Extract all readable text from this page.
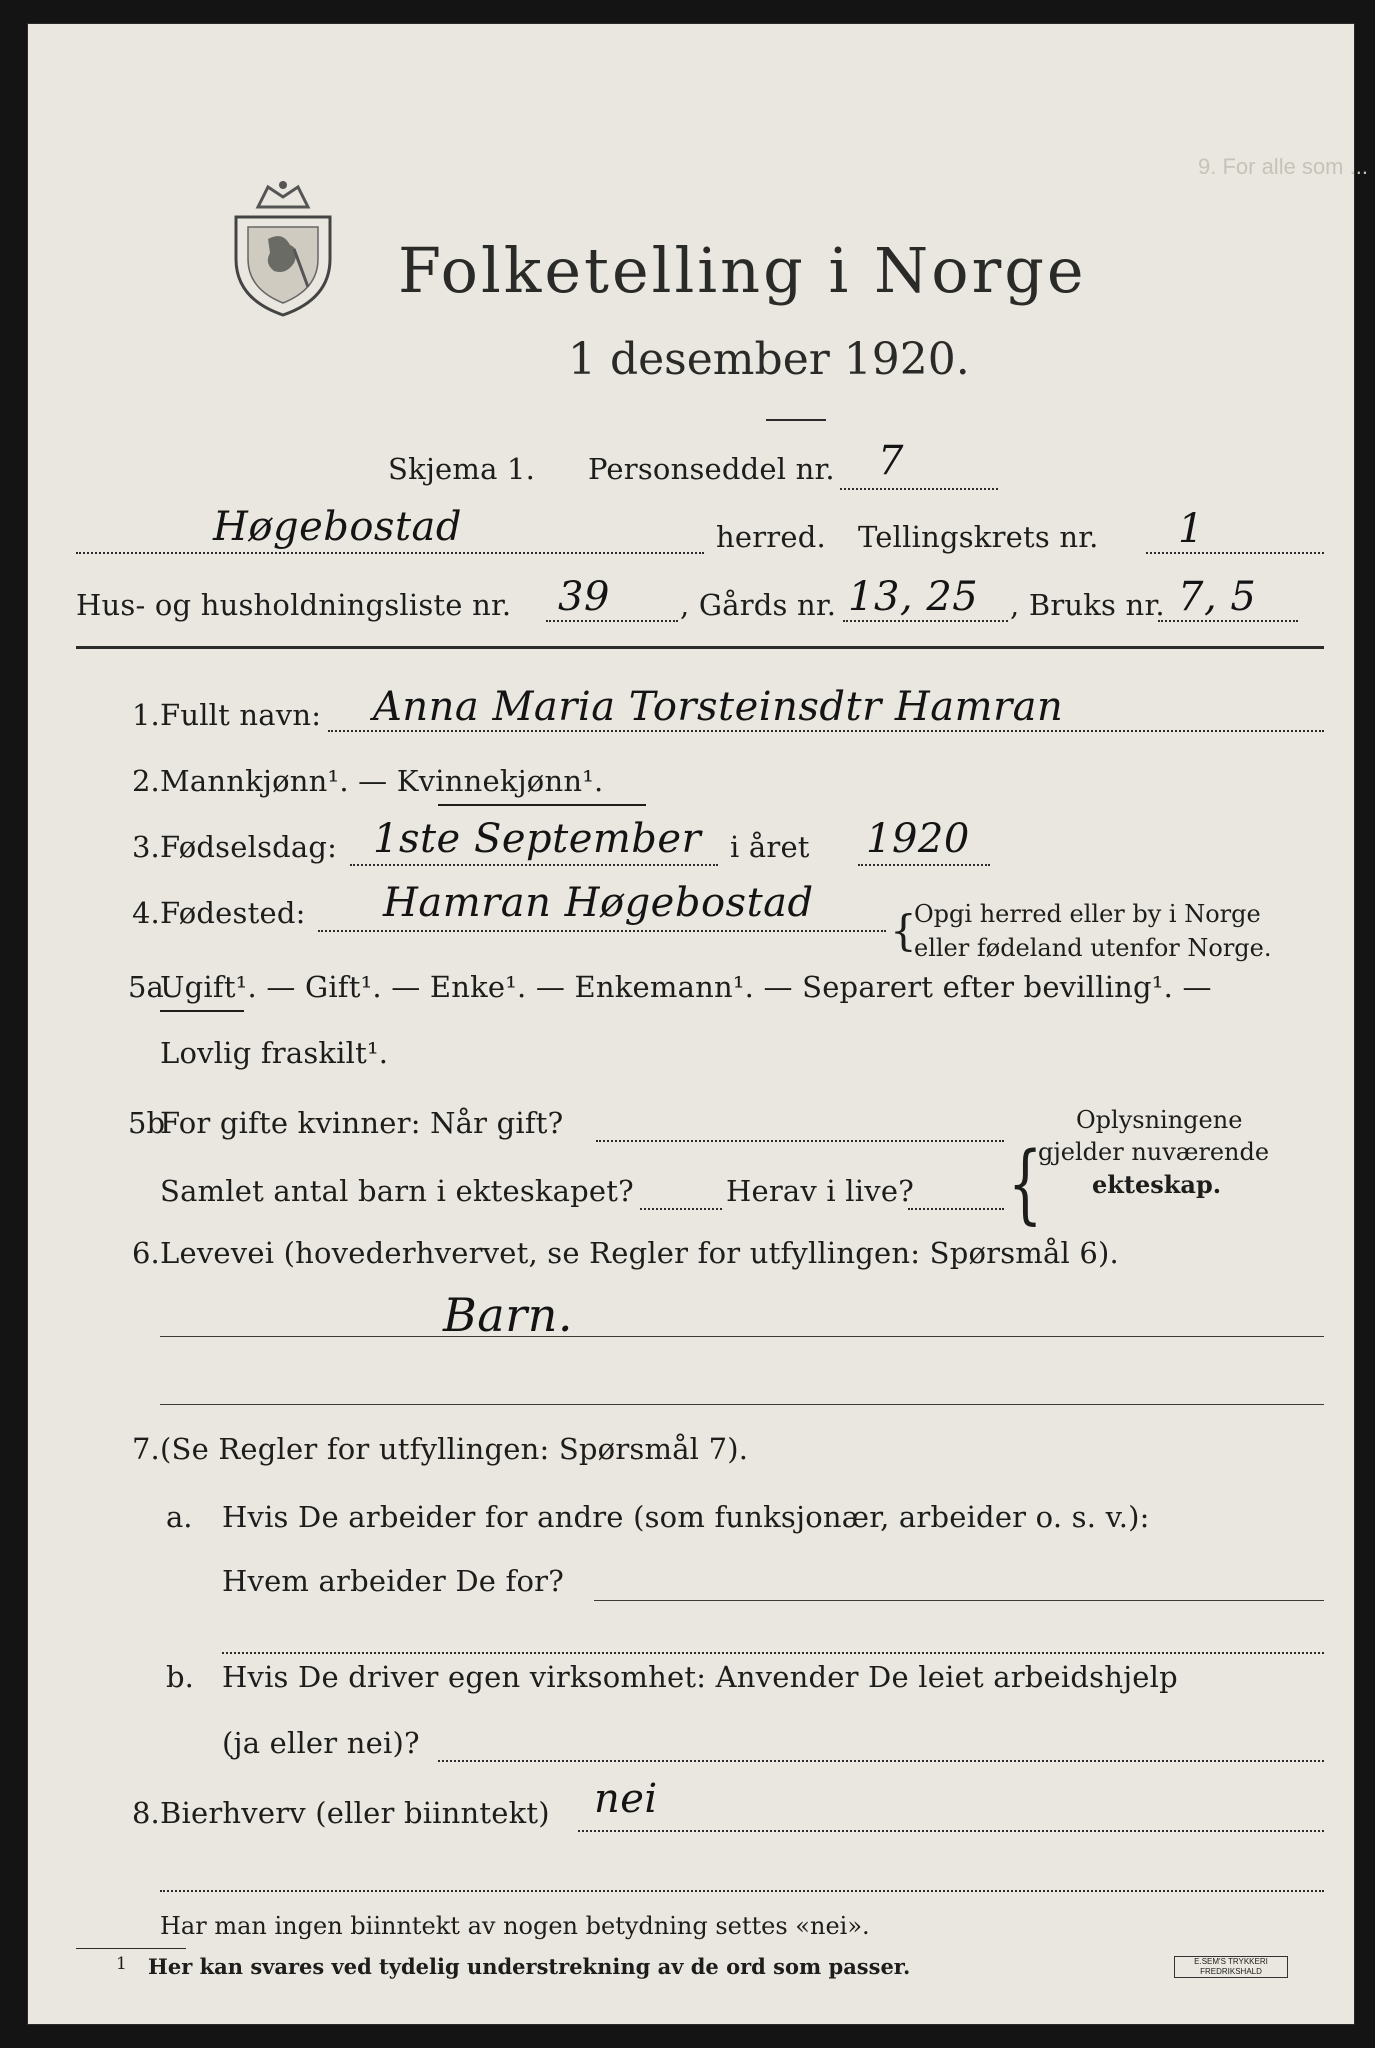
9. For alle som ...
Folketelling i Norge
1 desember 1920.
Skjema 1. Personseddel nr. 7
Høgebostad	herred. Tellingskrets nr. 1
Hus- og husholdningsliste nr. 39 , Gårds nr. 13, 25 , Bruks nr. 7, 5
1. Fullt navn: Anna Maria Torsteinsdtr Hamran
2. Mannkjønn¹. — Kvinnekjønn¹.
3. Fødselsdag: 1ste September i året 1920
4. Fødested: Hamran Høgebostad
{
Opgi herred eller by i Norge
eller fødeland utenfor Norge.
5a
Ugift¹. — Gift¹. — Enke¹. — Enkemann¹. — Separert efter bevilling¹. —
Lovlig fraskilt¹.
5b
For gifte kvinner: Når gift?
Samlet antal barn i ekteskapet?	Herav i live? {
Oplysningene
gjelder nuværende
ekteskap.
6. Levevei (hovederhvervet, se Regler for utfyllingen: Spørsmål 6).
Barn.
7. (Se Regler for utfyllingen: Spørsmål 7).
a. Hvis De arbeider for andre (som funksjonær, arbeider o. s. v.):
Hvem arbeider De for?
b. Hvis De driver egen virksomhet: Anvender De leiet arbeidshjelp
(ja eller nei)?
8. Bierhverv (eller biinntekt) nei
Har man ingen biinntekt av nogen betydning settes «nei».
1 Her kan svares ved tydelig understrekning av de ord som passer.	E.SEM'S TRYKKERI FREDRIKSHALD
